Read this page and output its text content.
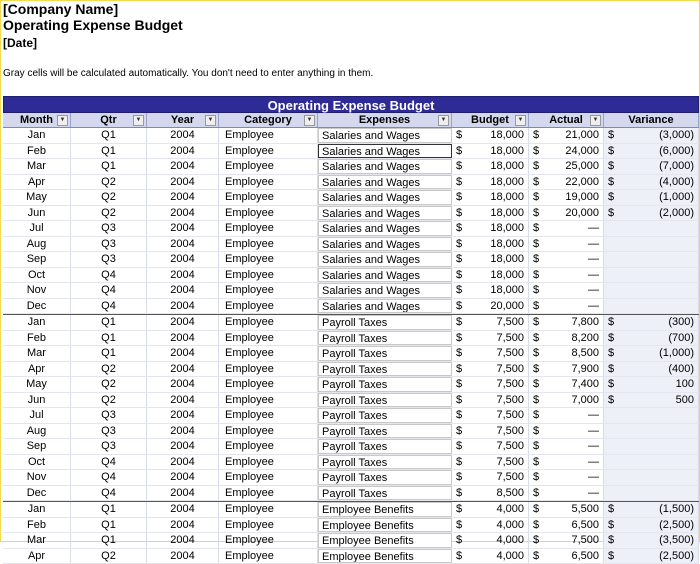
[Company Name]
Operating Expense Budget
[Date]
Gray cells will be calculated automatically. You don't need to enter anything in them.
Operating Expense Budget
Month	▼	Qtr	▼	Year	▼	Category	▼	Expenses	▼	Budget	▼	Actual	▼	Variance
Jan	Q1	2004	Employee	Salaries and Wages	$	18,000 $ 21,000 $	(3,000)
Feb	Q1	2004	Employee	Salaries and Wages	$	18,000 $ 24,000 $	(6,000)
Mar	Q1	2004	Employee	Salaries and Wages	$	18,000 $ 25,000 $	(7,000)
Apr	Q2	2004	Employee	Salaries and Wages	$	18,000 $ 22,000 $	(4,000)
May	Q2	2004	Employee	Salaries and Wages	$	18,000 $ 19,000 $	(1,000)
Jun	Q2	2004	Employee	Salaries and Wages	$	18,000 $ 20,000 $	(2,000)
Jul	Q3	2004	Employee	Salaries and Wages	$	18,000 $	—
Aug	Q3	2004	Employee	Salaries and Wages	$	18,000 $	—
Sep	Q3	2004	Employee	Salaries and Wages	$	18,000 $	—
Oct	Q4	2004	Employee	Salaries and Wages	$	18,000 $	—
Nov	Q4	2004	Employee	Salaries and Wages	$	18,000 $	—
Dec	Q4	2004	Employee	Salaries and Wages	$	20,000 $	—
Jan	Q1	2004	Employee	Payroll Taxes	$	7,500 $	7,800 $	(300)
Feb	Q1	2004	Employee	Payroll Taxes	$	7,500 $	8,200 $	(700)
Mar	Q1	2004	Employee	Payroll Taxes	$	7,500 $	8,500 $	(1,000)
Apr	Q2	2004	Employee	Payroll Taxes	$	7,500 $	7,900 $	(400)
May	Q2	2004	Employee	Payroll Taxes	$	7,500 $	7,400 $	100
Jun	Q2	2004	Employee	Payroll Taxes	$	7,500 $	7,000 $	500
Jul	Q3	2004	Employee	Payroll Taxes	$	7,500 $	—
Aug	Q3	2004	Employee	Payroll Taxes	$	7,500 $	—
Sep	Q3	2004	Employee	Payroll Taxes	$	7,500 $	—
Oct	Q4	2004	Employee	Payroll Taxes	$	7,500 $	—
Nov	Q4	2004	Employee	Payroll Taxes	$	7,500 $	—
Dec	Q4	2004	Employee	Payroll Taxes	$	8,500 $	—
Jan	Q1	2004	Employee	Employee Benefits	$	4,000 $	5,500 $	(1,500)
Feb	Q1	2004	Employee	Employee Benefits	$	4,000 $	6,500 $	(2,500)
Mar	Q1	2004	Employee	Employee Benefits	$	4,000 $	7,500 $	(3,500)
Apr	Q2	2004	Employee	Employee Benefits	$	4,000 $	6,500 $	(2,500)
